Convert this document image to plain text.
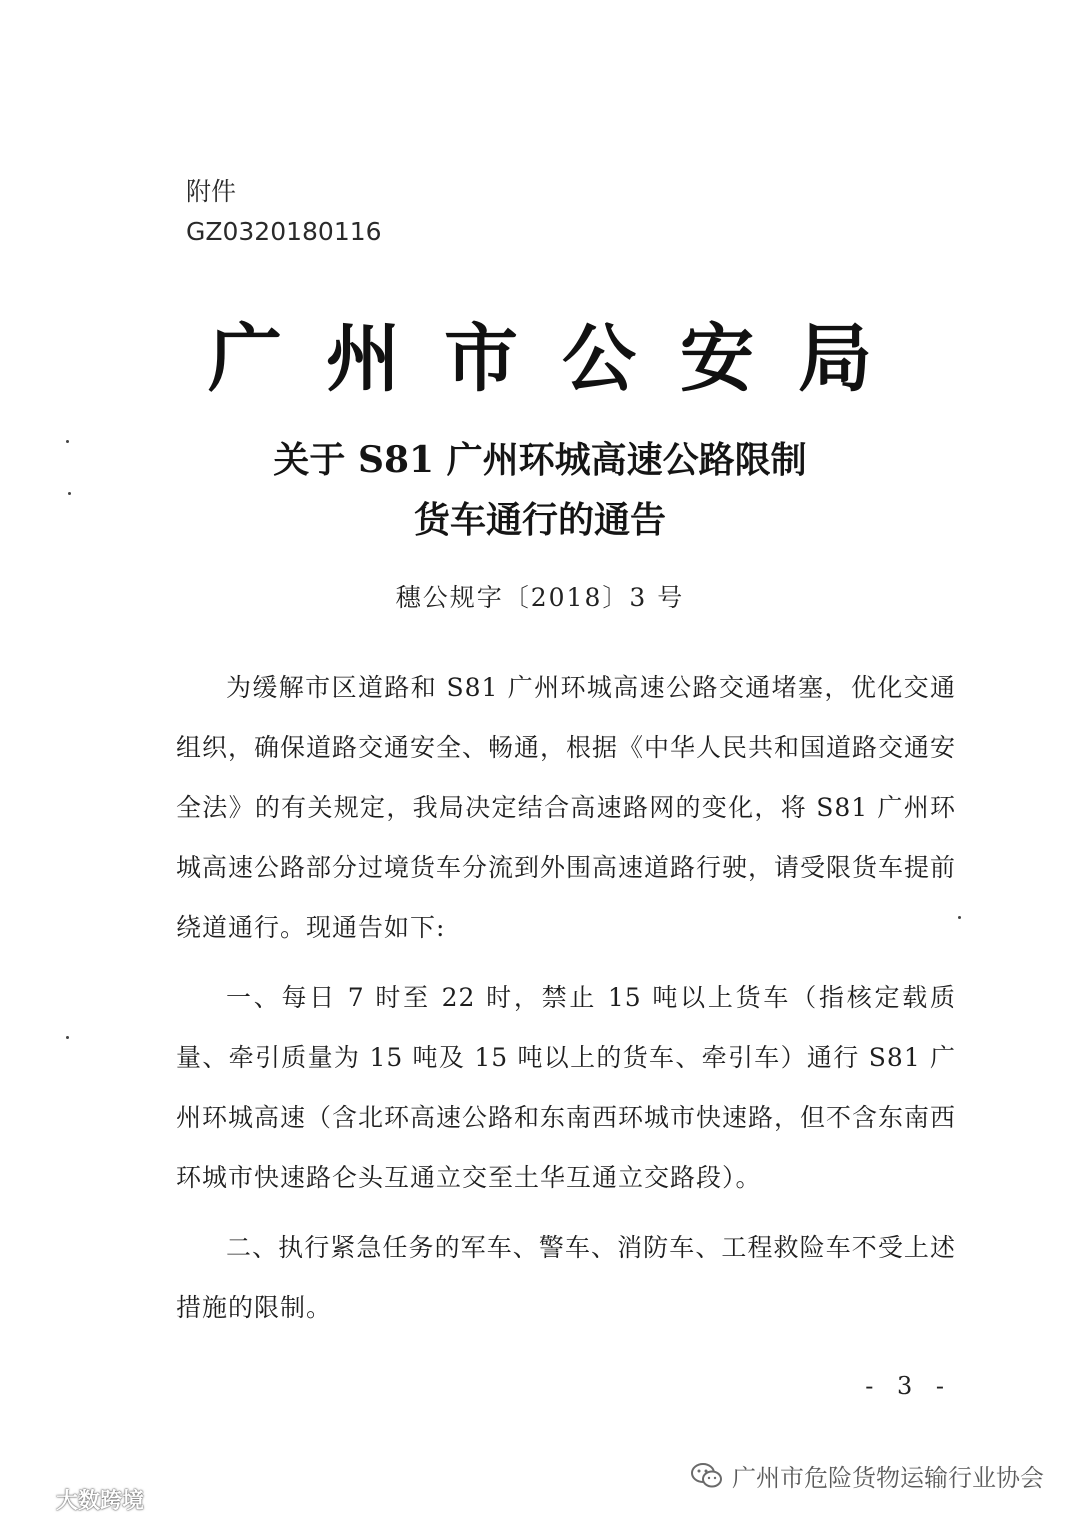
附件
GZ0320180116
广州市公安局
关于 S81 广州环城高速公路限制
货车通行的通告
穗公规字〔2018〕3 号

为缓解市区道路和 S81 广州环城高速公路交通堵塞，优化交通组织，确保道路交通安全、畅通，根据《中华人民共和国道路交通安全法》的有关规定，我局决定结合高速路网的变化，将 S81 广州环城高速公路部分过境货车分流到外围高速道路行驶，请受限货车提前绕道通行。现通告如下:

一、每日 7 时至 22 时，禁止 15 吨以上货车（指核定载质量、牵引质量为 15 吨及 15 吨以上的货车、牵引车）通行 S81 广州环城高速（含北环高速公路和东南西环城市快速路，但不含东南西环城市快速路仑头互通立交至土华互通立交路段）。

二、执行紧急任务的军车、警车、消防车、工程救险车不受上述措施的限制。

- 3 -
广州市危险货物运输行业协会
大数跨境
